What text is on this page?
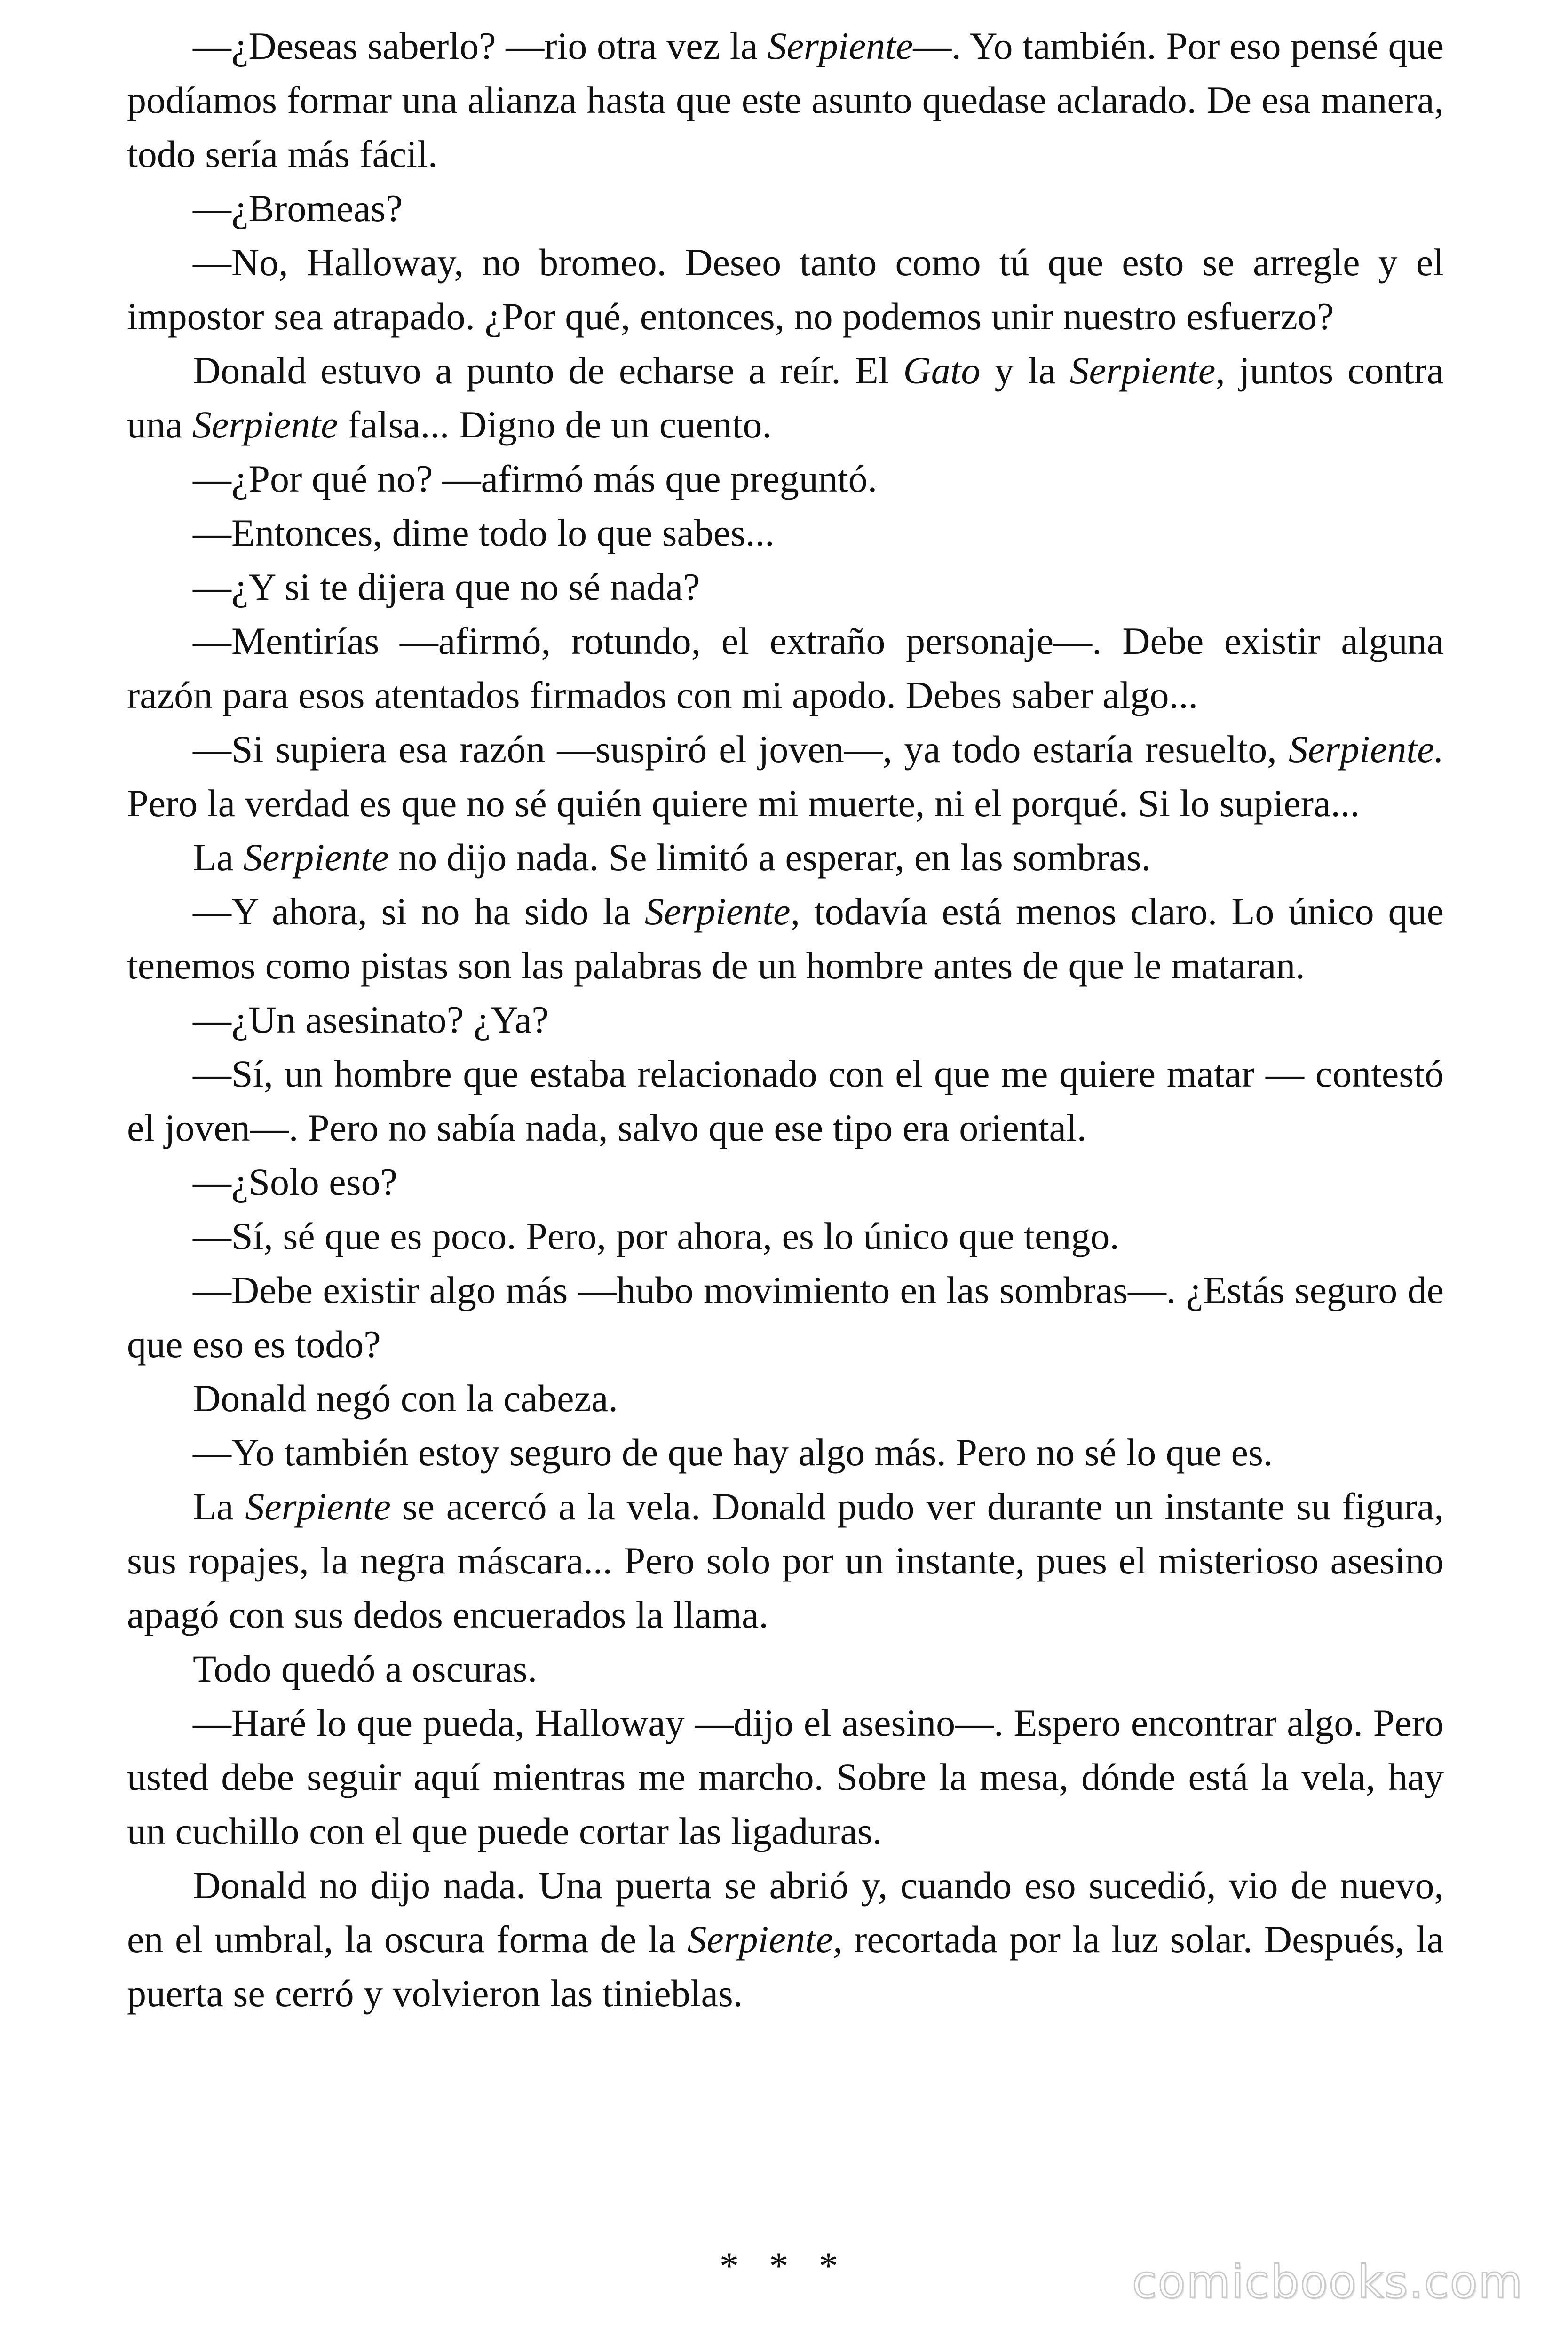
—¿Deseas saberlo? —rio otra vez la Serpiente—. Yo también. Por eso pensé que podíamos formar una alianza hasta que este asunto quedase aclarado. De esa manera, todo sería más fácil.

—¿Bromeas?

—No, Halloway, no bromeo. Deseo tanto como tú que esto se arregle y el impostor sea atrapado. ¿Por qué, entonces, no podemos unir nuestro esfuerzo?

Donald estuvo a punto de echarse a reír. El Gato y la Serpiente, juntos contra una Serpiente falsa... Digno de un cuento.

—¿Por qué no? —afirmó más que preguntó.

—Entonces, dime todo lo que sabes...

—¿Y si te dijera que no sé nada?

—Mentirías —afirmó, rotundo, el extraño personaje—. Debe existir alguna razón para esos atentados firmados con mi apodo. Debes saber algo...

—Si supiera esa razón —suspiró el joven—, ya todo estaría resuelto, Serpiente. Pero la verdad es que no sé quién quiere mi muerte, ni el porqué. Si lo supiera...

La Serpiente no dijo nada. Se limitó a esperar, en las sombras.

—Y ahora, si no ha sido la Serpiente, todavía está menos claro. Lo único que tenemos como pistas son las palabras de un hombre antes de que le mataran.

—¿Un asesinato? ¿Ya?

—Sí, un hombre que estaba relacionado con el que me quiere matar — contestó el joven—. Pero no sabía nada, salvo que ese tipo era oriental.

—¿Solo eso?

—Sí, sé que es poco. Pero, por ahora, es lo único que tengo.

—Debe existir algo más —hubo movimiento en las sombras—. ¿Estás seguro de que eso es todo?

Donald negó con la cabeza.

—Yo también estoy seguro de que hay algo más. Pero no sé lo que es.

La Serpiente se acercó a la vela. Donald pudo ver durante un instante su figura, sus ropajes, la negra máscara... Pero solo por un instante, pues el misterioso asesino apagó con sus dedos encuerados la llama.

Todo quedó a oscuras.

—Haré lo que pueda, Halloway —dijo el asesino—. Espero encontrar algo. Pero usted debe seguir aquí mientras me marcho. Sobre la mesa, dónde está la vela, hay un cuchillo con el que puede cortar las ligaduras.

Donald no dijo nada. Una puerta se abrió y, cuando eso sucedió, vio de nuevo, en el umbral, la oscura forma de la Serpiente, recortada por la luz solar. Después, la puerta se cerró y volvieron las tinieblas.

* * *	comicbooks.com
